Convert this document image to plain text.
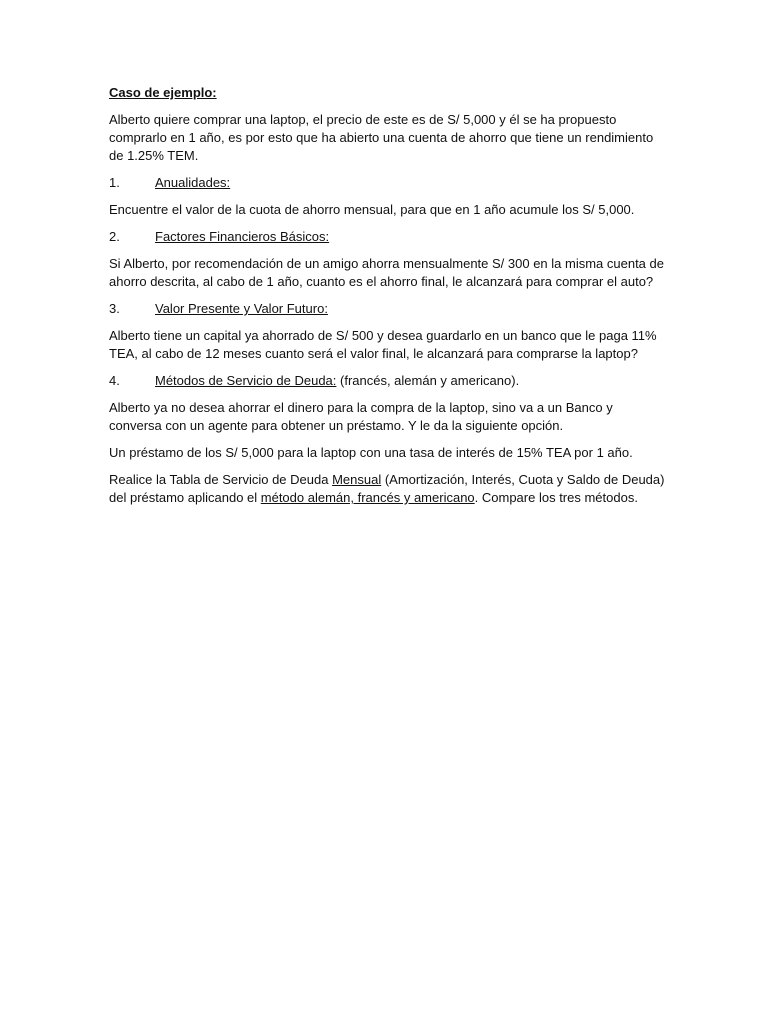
Caso de ejemplo:

Alberto quiere comprar una laptop, el precio de este es de S/ 5,000 y él se ha propuesto comprarlo en 1 año, es por esto que ha abierto una cuenta de ahorro que tiene un rendimiento de 1.25% TEM.

1.	Anualidades:

Encuentre el valor de la cuota de ahorro mensual, para que en 1 año acumule los S/ 5,000.

2.	Factores Financieros Básicos:

Si Alberto, por recomendación de un amigo ahorra mensualmente S/ 300 en la misma cuenta de ahorro descrita, al cabo de 1 año, cuanto es el ahorro final, le alcanzará para comprar el auto?

3.	Valor Presente y Valor Futuro:

Alberto tiene un capital ya ahorrado de S/ 500 y desea guardarlo en un banco que le paga 11% TEA, al cabo de 12 meses cuanto será el valor final, le alcanzará para comprarse la laptop?

4.	Métodos de Servicio de Deuda: (francés, alemán y americano).

Alberto ya no desea ahorrar el dinero para la compra de la laptop, sino va a un Banco y conversa con un agente para obtener un préstamo. Y le da la siguiente opción.

Un préstamo de los S/ 5,000 para la laptop con una tasa de interés de 15% TEA por 1 año.

Realice la Tabla de Servicio de Deuda Mensual (Amortización, Interés, Cuota y Saldo de Deuda) del préstamo aplicando el método alemán, francés y americano. Compare los tres métodos.
